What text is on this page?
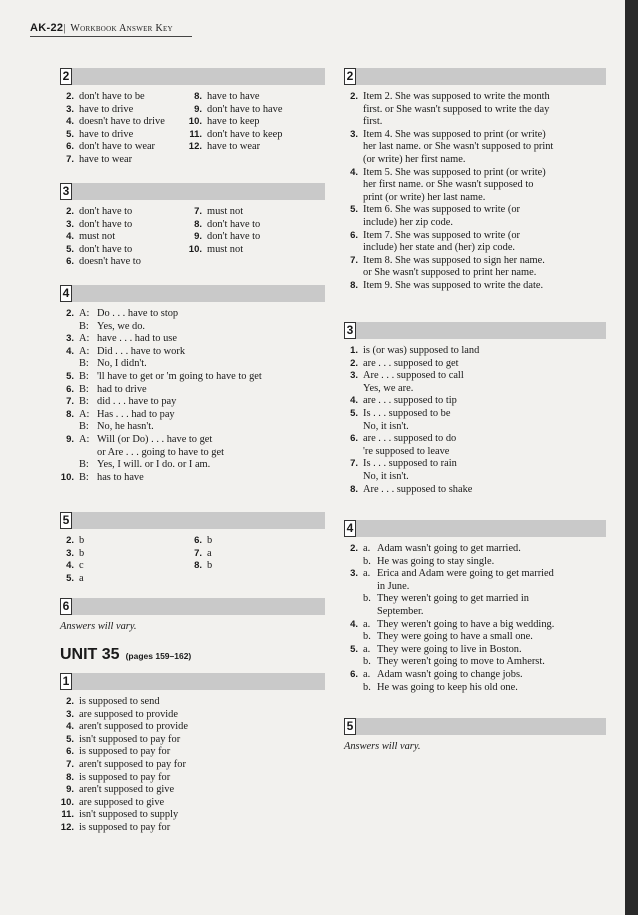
AK-22| Workbook Answer Key
2
2. don't have to be
3. have to drive
4. doesn't have to drive
5. have to drive
6. don't have to wear
7. have to wear
8. have to have
9. don't have to have
10. have to keep
11. don't have to keep
12. have to wear
3
2. don't have to
3. don't have to
4. must not
5. don't have to
6. doesn't have to
7. must not
8. don't have to
9. don't have to
10. must not
4
2. A: Do . . . have to stop
B: Yes, we do.
3. A: have . . . had to use
4. A: Did . . . have to work
B: No, I didn't.
5. B: 'll have to get or 'm going to have to get
6. B: had to drive
7. B: did . . . have to pay
8. A: Has . . . had to pay
B: No, he hasn't.
9. A: Will (or Do) . . . have to get
or Are . . . going to have to get
B: Yes, I will. or I do. or I am.
10. B: has to have
5
2. b
3. b
4. c
5. a
6. b
7. a
8. b
6
Answers will vary.
UNIT 35 (pages 159–162)
1
2. is supposed to send
3. are supposed to provide
4. aren't supposed to provide
5. isn't supposed to pay for
6. is supposed to pay for
7. aren't supposed to pay for
8. is supposed to pay for
9. aren't supposed to give
10. are supposed to give
11. isn't supposed to supply
12. is supposed to pay for
2
2. Item 2. She was supposed to write the month
first. or She wasn't supposed to write the day
first.
3. Item 4. She was supposed to print (or write)
her last name. or She wasn't supposed to print
(or write) her first name.
4. Item 5. She was supposed to print (or write)
her first name. or She wasn't supposed to
print (or write) her last name.
5. Item 6. She was supposed to write (or
include) her zip code.
6. Item 7. She was supposed to write (or
include) her state and (her) zip code.
7. Item 8. She was supposed to sign her name.
or She wasn't supposed to print her name.
8. Item 9. She was supposed to write the date.
3
1. is (or was) supposed to land
2. are . . . supposed to get
3. Are . . . supposed to call
Yes, we are.
4. are . . . supposed to tip
5. Is . . . supposed to be
No, it isn't.
6. are . . . supposed to do
're supposed to leave
7. Is . . . supposed to rain
No, it isn't.
8. Are . . . supposed to shake
4
2. a. Adam wasn't going to get married.
b. He was going to stay single.
3. a. Erica and Adam were going to get married
in June.
b. They weren't going to get married in
September.
4. a. They weren't going to have a big wedding.
b. They were going to have a small one.
5. a. They were going to live in Boston.
b. They weren't going to move to Amherst.
6. a. Adam wasn't going to change jobs.
b. He was going to keep his old one.
5
Answers will vary.
